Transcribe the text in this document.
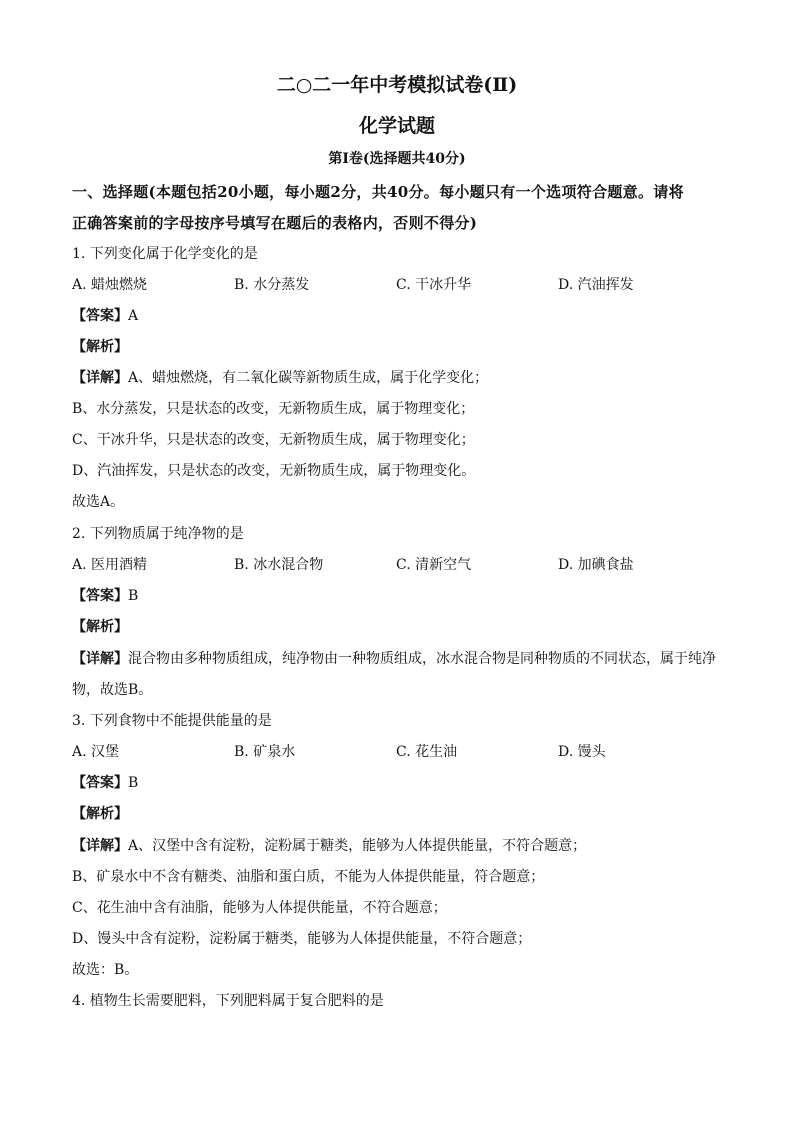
二○二一年中考模拟试卷(Ⅱ)
化学试题
第Ⅰ卷(选择题共40分)
一、选择题(本题包括20小题，每小题2分，共40分。每小题只有一个选项符合题意。请将
正确答案前的字母按序号填写在题后的表格内，否则不得分)
1. 下列变化属于化学变化的是
A. 蜡烛燃烧	B. 水分蒸发	C. 干冰升华	D. 汽油挥发
【答案】A
【解析】
【详解】A、蜡烛燃烧，有二氧化碳等新物质生成，属于化学变化；
B、水分蒸发，只是状态的改变，无新物质生成，属于物理变化；
C、干冰升华，只是状态的改变，无新物质生成，属于物理变化；
D、汽油挥发，只是状态的改变，无新物质生成，属于物理变化。
故选A。
2. 下列物质属于纯净物的是
A. 医用酒精	B. 冰水混合物	C. 清新空气	D. 加碘食盐
【答案】B
【解析】
【详解】混合物由多种物质组成，纯净物由一种物质组成，冰水混合物是同种物质的不同状态，属于纯净
物，故选B。
3. 下列食物中不能提供能量的是
A. 汉堡	B. 矿泉水	C. 花生油	D. 馒头
【答案】B
【解析】
【详解】A、汉堡中含有淀粉，淀粉属于糖类，能够为人体提供能量，不符合题意；
B、矿泉水中不含有糖类、油脂和蛋白质，不能为人体提供能量，符合题意；
C、花生油中含有油脂，能够为人体提供能量，不符合题意；
D、馒头中含有淀粉，淀粉属于糖类，能够为人体提供能量，不符合题意；
故选：B。
4. 植物生长需要肥料，下列肥料属于复合肥料的是
